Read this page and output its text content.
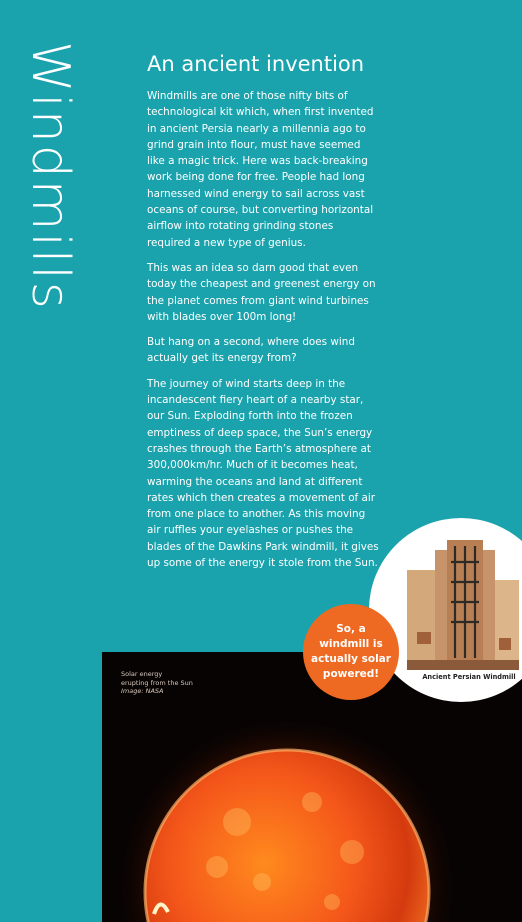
Windmills	An ancient invention

Windmills are one of those nifty bits of technological kit which, when first invented in ancient Persia nearly a millennia ago to grind grain into flour, must have seemed like a magic trick. Here was back-breaking work being done for free. People had long harnessed wind energy to sail across vast oceans of course, but converting horizontal airflow into rotating grinding stones required a new type of genius.

This was an idea so darn good that even today the cheapest and greenest energy on the planet comes from giant wind turbines with blades over 100m long!

But hang on a second, where does wind actually get its energy from?

The journey of wind starts deep in the incandescent fiery heart of a nearby star, our Sun. Exploding forth into the frozen emptiness of deep space, the Sun’s energy crashes through the Earth’s atmosphere at 300,000km/hr. Much of it becomes heat, warming the oceans and land at different rates which then creates a movement of air from one place to another. As this moving air ruffles your eyelashes or pushes the blades of the Dawkins Park windmill, it gives up some of the energy it stole from the Sun.

Solar energy
erupting from the Sun
Image: NASA
Ancient Persian Windmill
So, a windmill is actually solar powered!
